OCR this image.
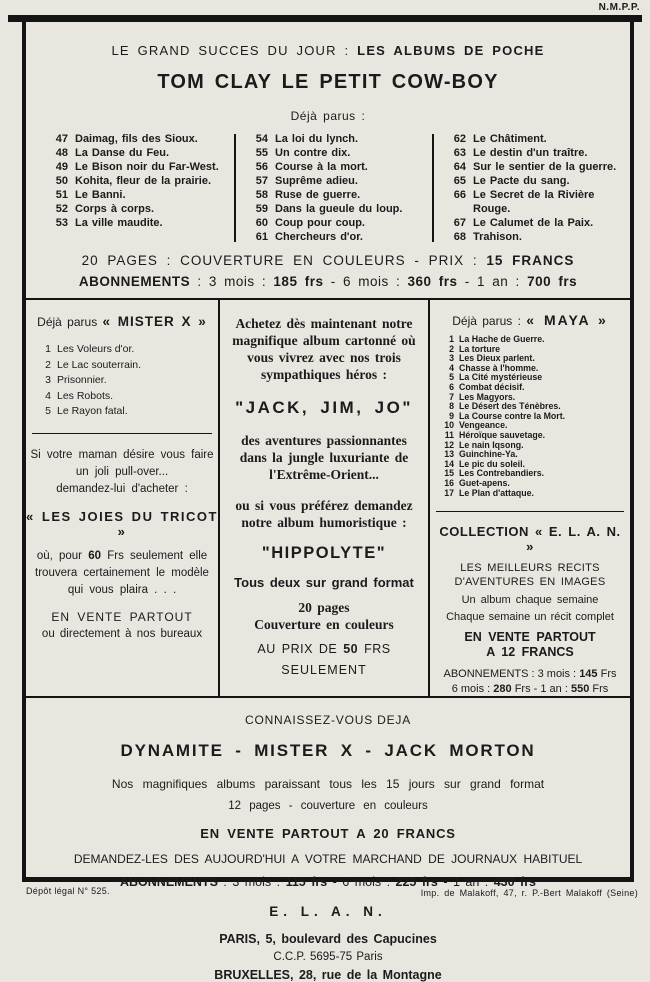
N.M.P.P.
LE GRAND SUCCES DU JOUR : LES ALBUMS DE POCHE
TOM CLAY LE PETIT COW-BOY
Déjà parus :
47 Daimag, fils des Sioux.
48 La Danse du Feu.
49 Le Bison noir du Far-West.
50 Kohita, fleur de la prairie.
51 Le Banni.
52 Corps à corps.
53 La ville maudite.
54 La loi du lynch.
55 Un contre dix.
56 Course à la mort.
57 Suprême adieu.
58 Ruse de guerre.
59 Dans la gueule du loup.
60 Coup pour coup.
61 Chercheurs d'or.
62 Le Châtiment.
63 Le destin d'un traître.
64 Sur le sentier de la guerre.
65 Le Pacte du sang.
66 Le Secret de la Rivière Rouge.
67 Le Calumet de la Paix.
68 Trahison.
20 PAGES : COUVERTURE EN COULEURS - PRIX : 15 FRANCS
ABONNEMENTS : 3 mois : 185 frs - 6 mois : 360 frs - 1 an : 700 frs
Déjà parus « MISTER X »
1 Les Voleurs d'or.
2 Le Lac souterrain.
3 Prisonnier.
4 Les Robots.
5 Le Rayon fatal.
Si votre maman désire vous faire
un joli pull-over...
demandez-lui d'acheter :
« LES JOIES DU TRICOT »
où, pour 60 Frs seulement elle trouvera certainement le modèle qui vous plaira . . .
EN VENTE PARTOUT
ou directement à nos bureaux
Achetez dès maintenant notre magnifique album cartonné où vous vivrez avec nos trois sympathiques héros :
"JACK, JIM, JO"
des aventures passionnantes dans la jungle luxuriante de l'Extrême-Orient...
ou si vous préférez demandez notre album humoristique :
"HIPPOLYTE"
Tous deux sur grand format
20 pages
Couverture en couleurs
AU PRIX DE 50 FRS
SEULEMENT
Déjà parus : « MAYA »
1 La Hache de Guerre.
2 La torture
3 Les Dieux parlent.
4 Chasse à l'homme.
5 La Cité mystérieuse
6 Combat décisif.
7 Les Magyors.
8 Le Désert des Ténèbres.
9 La Course contre la Mort.
10 Vengeance.
11 Héroïque sauvetage.
12 Le nain Iqsong.
13 Guinchine-Ya.
14 Le pic du soleil.
15 Les Contrebandiers.
16 Guet-apens.
17 Le Plan d'attaque.
COLLECTION « E. L. A. N. »
LES MEILLEURS RECITS
D'AVENTURES EN IMAGES
Un album chaque semaine
Chaque semaine un récit complet
EN VENTE PARTOUT
A 12 FRANCS
ABONNEMENTS : 3 mois : 145 Frs
6 mois : 280 Frs - 1 an : 550 Frs
CONNAISSEZ-VOUS DEJA
DYNAMITE - MISTER X - JACK MORTON
Nos magnifiques albums paraissant tous les 15 jours sur grand format
12 pages - couverture en couleurs
EN VENTE PARTOUT A 20 FRANCS
DEMANDEZ-LES DES AUJOURD'HUI A VOTRE MARCHAND DE JOURNAUX HABITUEL
ABONNEMENTS : 3 mois : 115 frs - 6 mois : 225 frs - 1 an : 430 frs
E. L. A. N.
PARIS, 5, boulevard des Capucines
C.C.P. 5695-75 Paris
BRUXELLES, 28, rue de la Montagne
Dépôt légal N° 525.	Imp. de Malakoff, 47, r. P.-Bert Malakoff (Seine)
